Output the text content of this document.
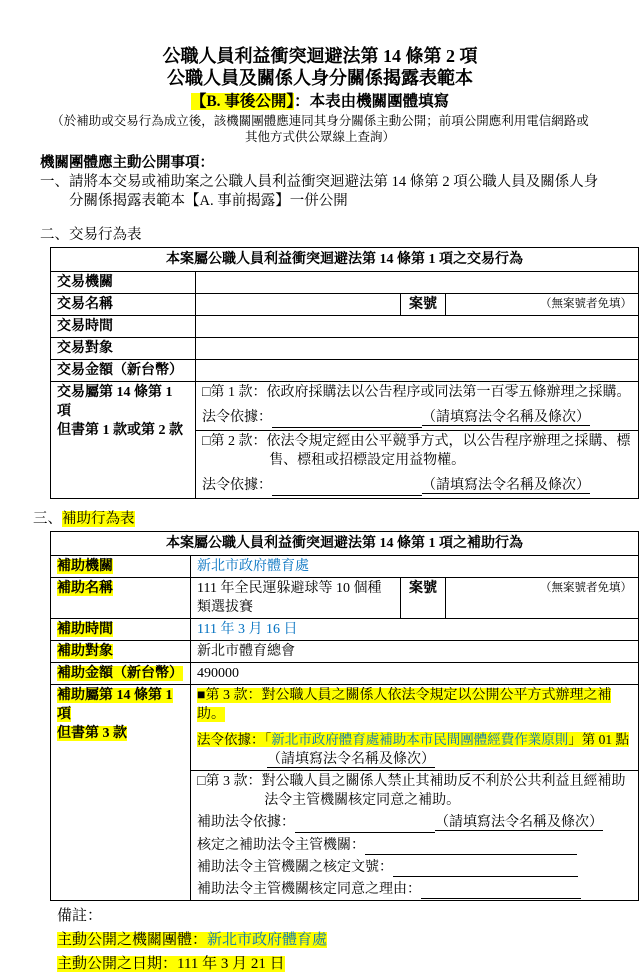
公職人員利益衝突迴避法第 14 條第 2 項
公職人員及關係人身分關係揭露表範本
【B. 事後公開】：本表由機關團體填寫
（於補助或交易行為成立後，該機關團體應連同其身分關係主動公開；前項公開應利用電信網路或
其他方式供公眾線上查詢）
機關團體應主動公開事項：
一、請將本交易或補助案之公職人員利益衝突迴避法第 14 條第 2 項公職人員及關係人身分關係揭露表範本【A. 事前揭露】一併公開
二、交易行為表
本案屬公職人員利益衝突迴避法第 14 條第 1 項之交易行為			
交易機關			
交易名稱		案號	（無案號者免填）
交易時間			
交易對象			
交易金額（新台幣）			

交易屬第 14 條第 1 項
但書第 1 款或第 2 款

□第 1 款：依政府採購法以公告程序或同法第一百零五條辦理之採購。
法令依據：	（請填寫法令名稱及條次）

	□第 2 款：依法令規定經由公平競爭方式，以公告程序辦理之採購、標售、標租或招標設定用益物權。
法令依據： （請填寫法令名稱及條次）		
三、補助行為表
本案屬公職人員利益衝突迴避法第 14 條第 1 項之補助行為			
補助機關	新北市政府體育處		
補助名稱	111 年全民運躲避球等 10 個種類選拔賽	案號	（無案號者免填）
補助時間	111 年 3 月 16 日		
補助對象	新北市體育總會		
補助金額（新台幣）	490000		

補助屬第 14 條第 1 項
但書第 3 款

■第 3 款：對公職人員之關係人依法令規定以公開公平方式辦理之補助。
法令依據：「新北市政府體育處補助本市民間團體經費作業原則」第 01 點
（請填寫法令名稱及條次）

	□第 3 款：對公職人員之關係人禁止其補助反不利於公共利益且經補助法令主管機關核定同意之補助。
補助法令依據： （請填寫法令名稱及條次）
核定之補助法令主管機關：
補助法令主管機關之核定文號：
補助法令主管機關核定同意之理由：		
備註：
主動公開之機關團體：新北市政府體育處
主動公開之日期：111 年 3 月 21 日
